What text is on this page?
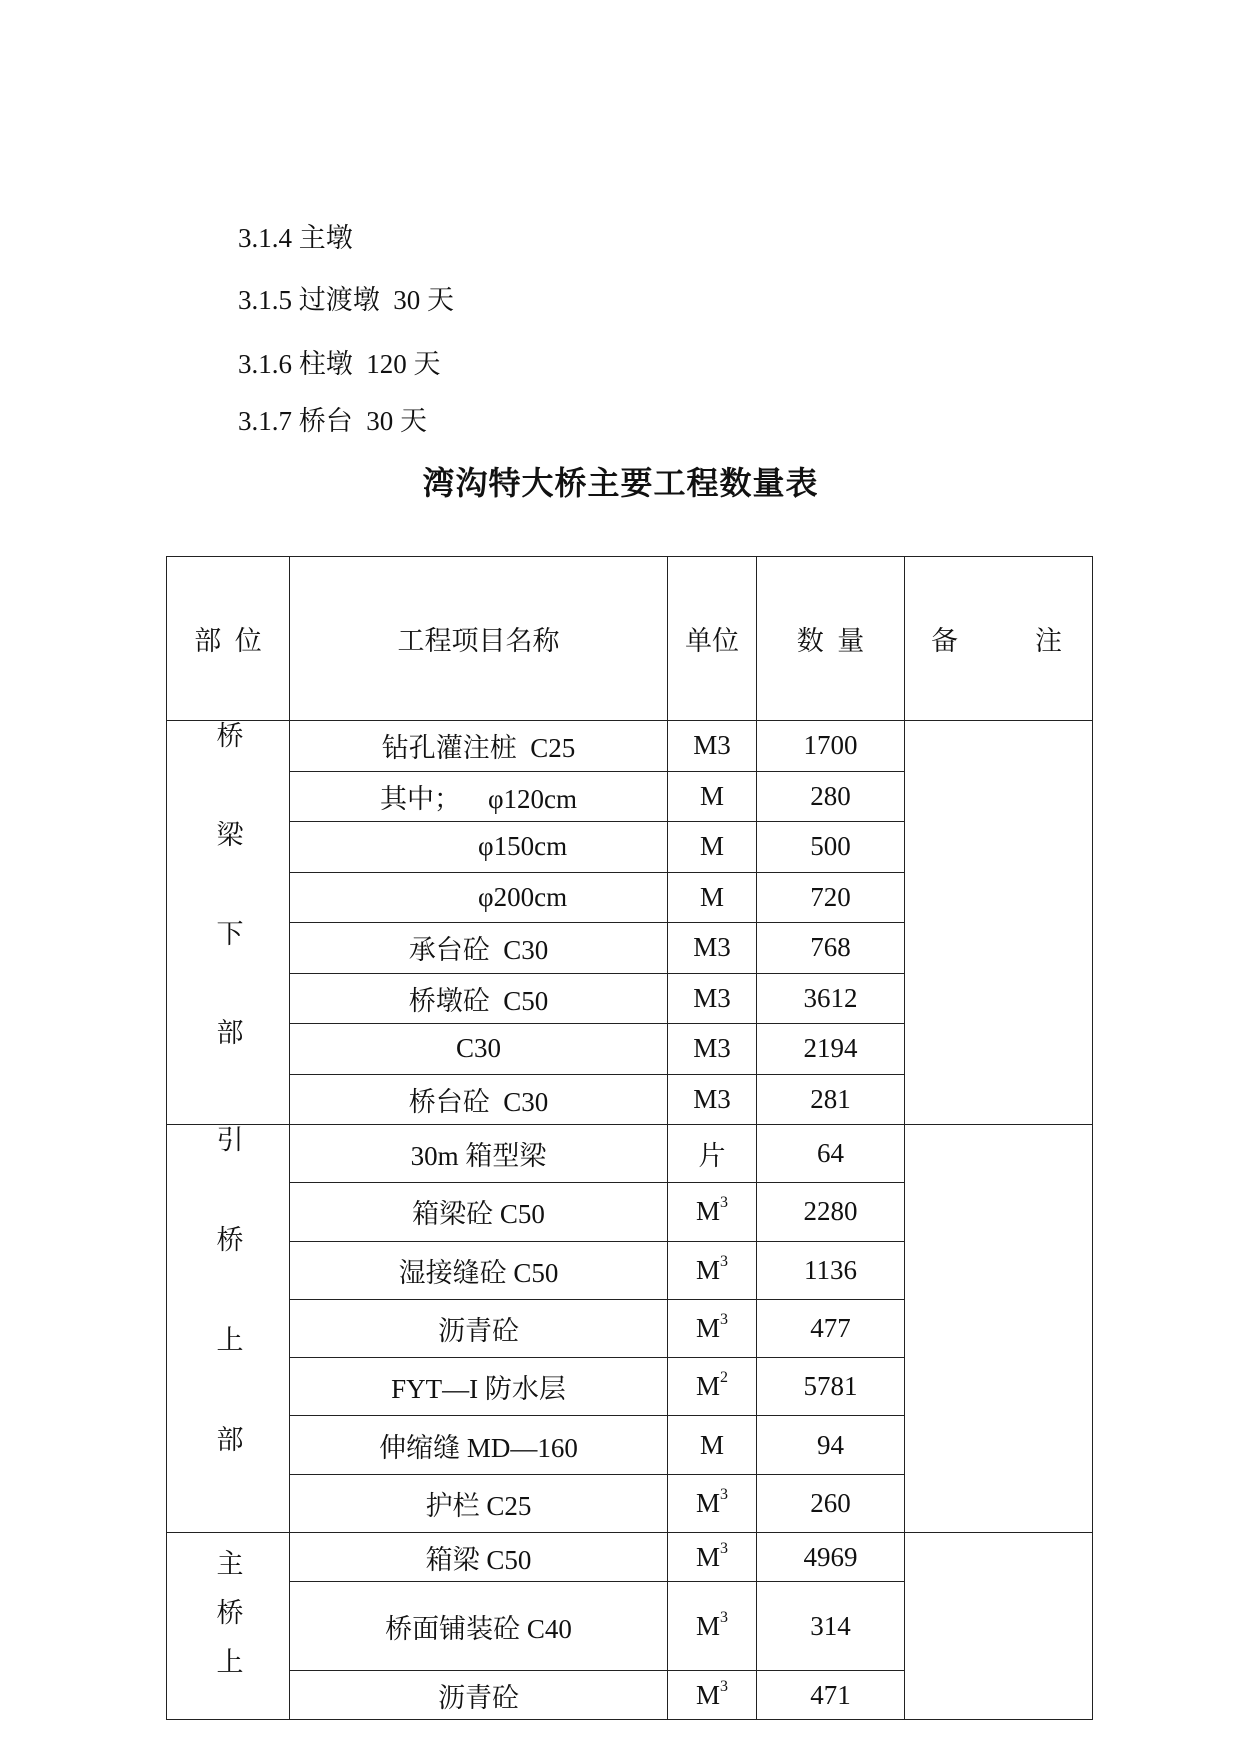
3.1.4 主墩
3.1.5 过渡墩  30 天
3.1.6 柱墩  120 天
3.1.7 桥台  30 天
湾沟特大桥主要工程数量表
部  位	工程项目名称	单位	数  量	备 注

桥梁下部	钻孔灌注桩  C25	M3	1700	
	其中；    φ120cm	M	280	
	φ150cm	M	500	
	φ200cm	M	720	
	承台砼  C30	M3	768	
	桥墩砼  C50	M3	3612	
	C30	M3	2194	
	桥台砼  C30	M3	281	
引桥上部	30m 箱型梁	片	64	
	箱梁砼 C50	$M^3$	2280	
	湿接缝砼 C50	$M^3$	1136	
	沥青砼	$M^3$	477	
	FYT—I 防水层	$M^2$	5781	
	伸缩缝 MD—160	M	94	
	护栏 C25	$M^3$	260	
主桥上	箱梁 C50	$M^3$	4969	
	桥面铺装砼 C40	$M^3$	314	
	沥青砼	$M^3$	471	
